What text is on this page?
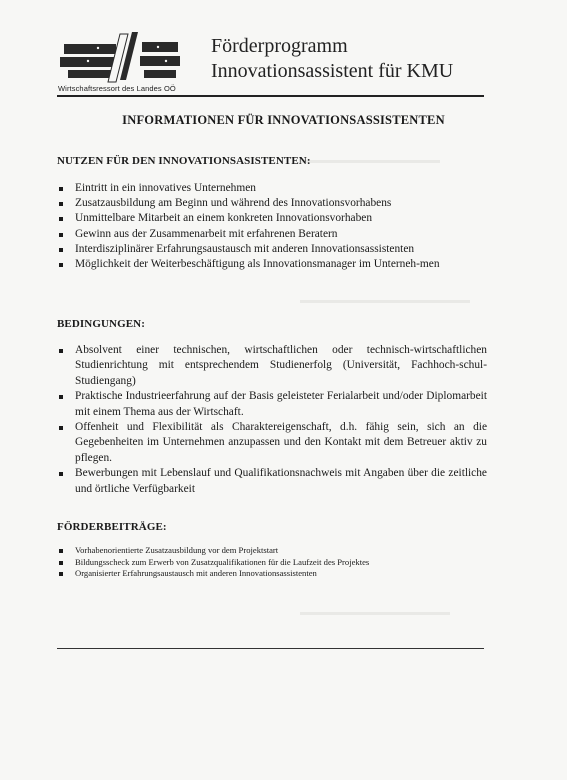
Wirtschaftsressort des Landes OÖ
Förderprogramm
Innovationsassistent für KMU
INFORMATIONEN FÜR INNOVATIONSASSISTENTEN
NUTZEN FÜR DEN INNOVATIONSASISTENTEN:
Eintritt in ein innovatives Unternehmen
Zusatzausbildung am Beginn und während des Innovationsvorhabens
Unmittelbare Mitarbeit an einem konkreten Innovationsvorhaben
Gewinn aus der Zusammenarbeit mit erfahrenen Beratern
Interdisziplinärer Erfahrungsaustausch mit anderen Innovationsassistenten
Möglichkeit der Weiterbeschäftigung als Innovationsmanager im Unterneh-men
BEDINGUNGEN:
Absolvent einer technischen, wirtschaftlichen oder technisch-wirtschaftlichen Studienrichtung mit entsprechendem Studienerfolg (Universität, Fachhoch-schul-Studiengang)
Praktische Industrieerfahrung auf der Basis geleisteter Ferialarbeit und/oder Diplomarbeit mit einem Thema aus der Wirtschaft.
Offenheit und Flexibilität als Charaktereigenschaft, d.h. fähig sein, sich an die Gegebenheiten im Unternehmen anzupassen und den Kontakt mit dem Betreuer aktiv zu pflegen.
Bewerbungen mit Lebenslauf und Qualifikationsnachweis mit Angaben über die zeitliche und örtliche Verfügbarkeit
FÖRDERBEITRÄGE:
Vorhabenorientierte Zusatzausbildung vor dem Projektstart
Bildungsscheck zum Erwerb von Zusatzqualifikationen für die Laufzeit des Projektes
Organisierter Erfahrungsaustausch mit anderen Innovationsassistenten
